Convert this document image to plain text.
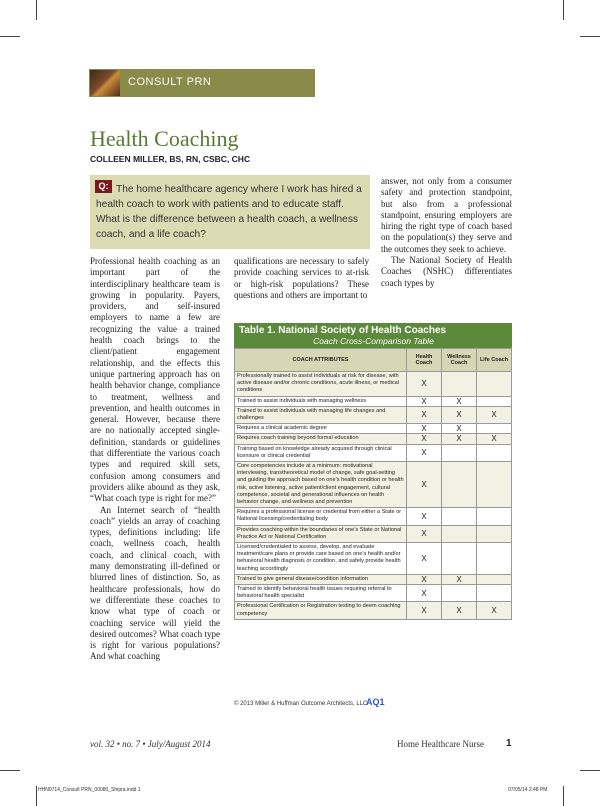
CONSULT PRN
Health Coaching
COLLEEN MILLER, BS, RN, CSBC, CHC
Q: The home healthcare agency where I work has hired a health coach to work with patients and to educate staff. What is the difference between a health coach, a wellness coach, and a life coach?

Professional health coaching as an important part of the interdisciplinary healthcare team is growing in popularity. Payers, providers, and self-insured employers to name a few are recognizing the value a trained health coach brings to the client/patient engagement relationship, and the effects this unique partnering approach has on health behavior change, compliance to treatment, wellness and prevention, and health outcomes in general. However, because there are no nationally accepted single-definition, standards or guidelines that differentiate the various coach types and required skill sets, confusion among consumers and providers alike abound as they ask, “What coach type is right for me?”

An Internet search of “health coach” yields an array of coaching types, definitions including: life coach, wellness coach, health coach, and clinical coach, with many demonstrating ill-defined or blurred lines of distinction. So, as healthcare professionals, how do we differentiate these coaches to know what type of coach or coaching service will yield the desired outcomes? What coach type is right for various populations? And what coaching

qualifications are necessary to safely provide coaching services to at-risk or high-risk populations? These questions and others are important to

answer, not only from a consumer safety and protection standpoint, but also from a professional standpoint, ensuring employers are hiring the right type of coach based on the population(s) they serve and the outcomes they seek to achieve.

The National Society of Health Coaches (NSHC) differentiates coach types by

Table 1. National Society of Health Coaches
Coach Cross-Comparison Table
COACH ATTRIBUTES	Health Coach	Wellness Coach	Life Coach
Professionally trained to assist individuals at risk for disease, with active disease and/or chronic conditions, acute illness, or medical conditions	X		
Trained to assist individuals with managing wellness	X	X	
Trained to assist individuals with managing life changes and challenges	X	X	X
Requires a clinical academic degree	X	X	
Requires coach training beyond formal education	X	X	X
Training based on knowledge already acquired through clinical licensure or clinical credential	X		
Core competencies include at a minimum: motivational interviewing, transtheoretical model of change, safe goal-setting and guiding the approach based on one’s health condition or health risk, active listening, active patient/client engagement, cultural competence, societal and generational influences on health behavior change, and wellness and prevention	X		
Requires a professional license or credential from either a State or National licensing/credentialing body	X		
Provides coaching within the boundaries of one’s State or National Practice Act or National Certification	X		
Licensed/credentialed to assess, develop, and evaluate treatment/care plans or provide care based on one’s health and/or behavioral health diagnosis or condition, and safely provide health teaching accordingly	X		
Trained to give general disease/condition information	X	X	
Trained to identify behavioral health issues requiring referral to behavioral health specialist	X		
Professional Certification or Registration testing to deem coaching competency	X	X	X
© 2013 Miller & Huffman Outcome Architects, LLC
AQ1
vol. 32 • no. 7 • July/August 2014	Home Healthcare Nurse 1
HHN0714_Consult PRN_00080_Shipra.indd 1	07/05/14 2:48 PM
